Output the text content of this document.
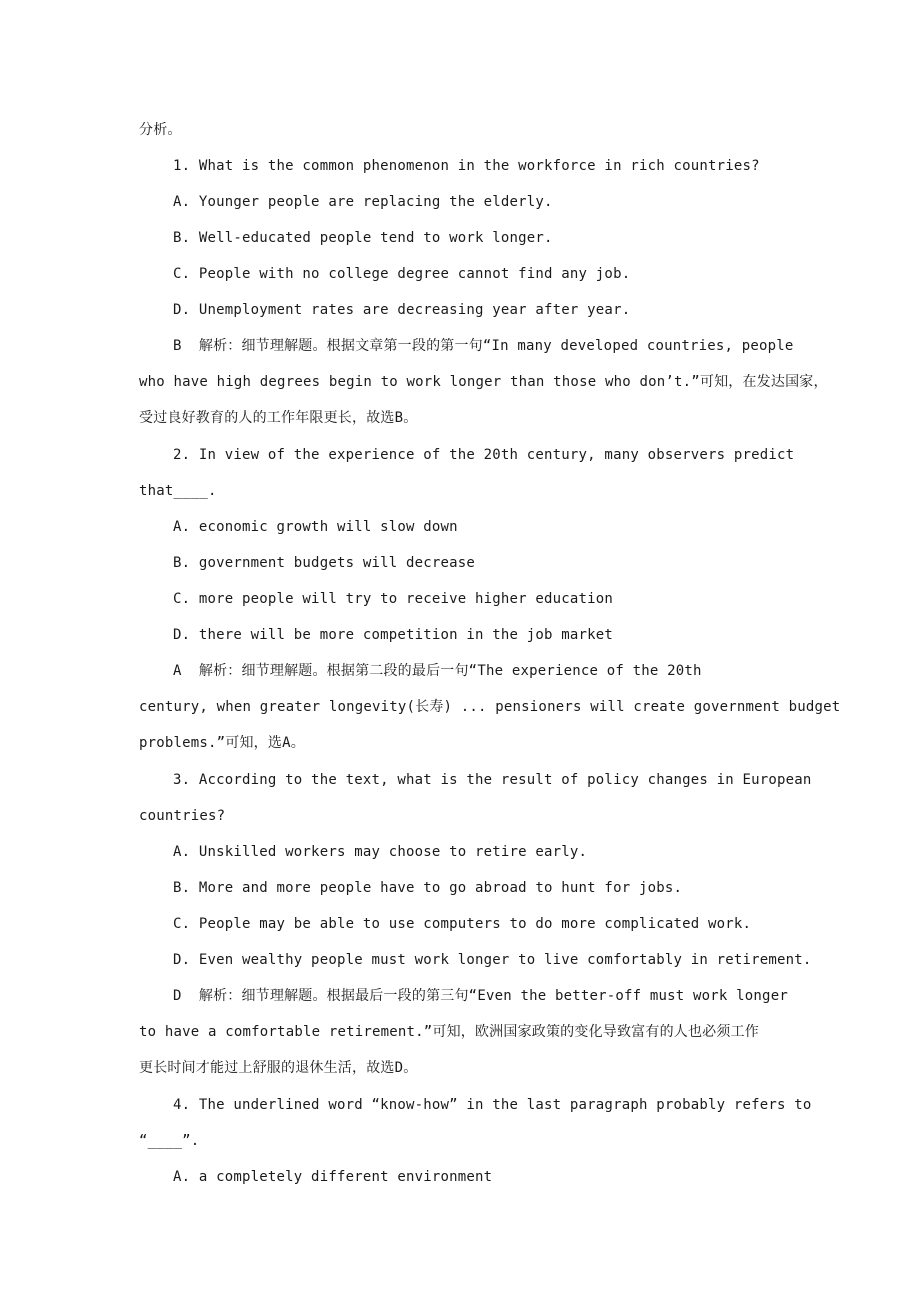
分析。
1. What is the common phenomenon in the workforce in rich countries?
A. Younger people are replacing the elderly.
B. Well-educated people tend to work longer.
C. People with no college degree cannot find any job.
D. Unemployment rates are decreasing year after year.
B  解析：细节理解题。根据文章第一段的第一句“In many developed countries, people
who have high degrees begin to work longer than those who don’t.”可知，在发达国家，
受过良好教育的人的工作年限更长，故选B。
2. In view of the experience of the 20th century, many observers predict
that____.
A. economic growth will slow down
B. government budgets will decrease
C. more people will try to receive higher education
D. there will be more competition in the job market
A  解析：细节理解题。根据第二段的最后一句“The experience of the 20th
century, when greater longevity(长寿) ... pensioners will create government budget
problems.”可知，选A。
3. According to the text, what is the result of policy changes in European
countries?
A. Unskilled workers may choose to retire early.
B. More and more people have to go abroad to hunt for jobs.
C. People may be able to use computers to do more complicated work.
D. Even wealthy people must work longer to live comfortably in retirement.
D  解析：细节理解题。根据最后一段的第三句“Even the better-off must work longer
to have a comfortable retirement.”可知，欧洲国家政策的变化导致富有的人也必须工作
更长时间才能过上舒服的退休生活，故选D。
4. The underlined word “know-how” in the last paragraph probably refers to
“____”.
A. a completely different environment
